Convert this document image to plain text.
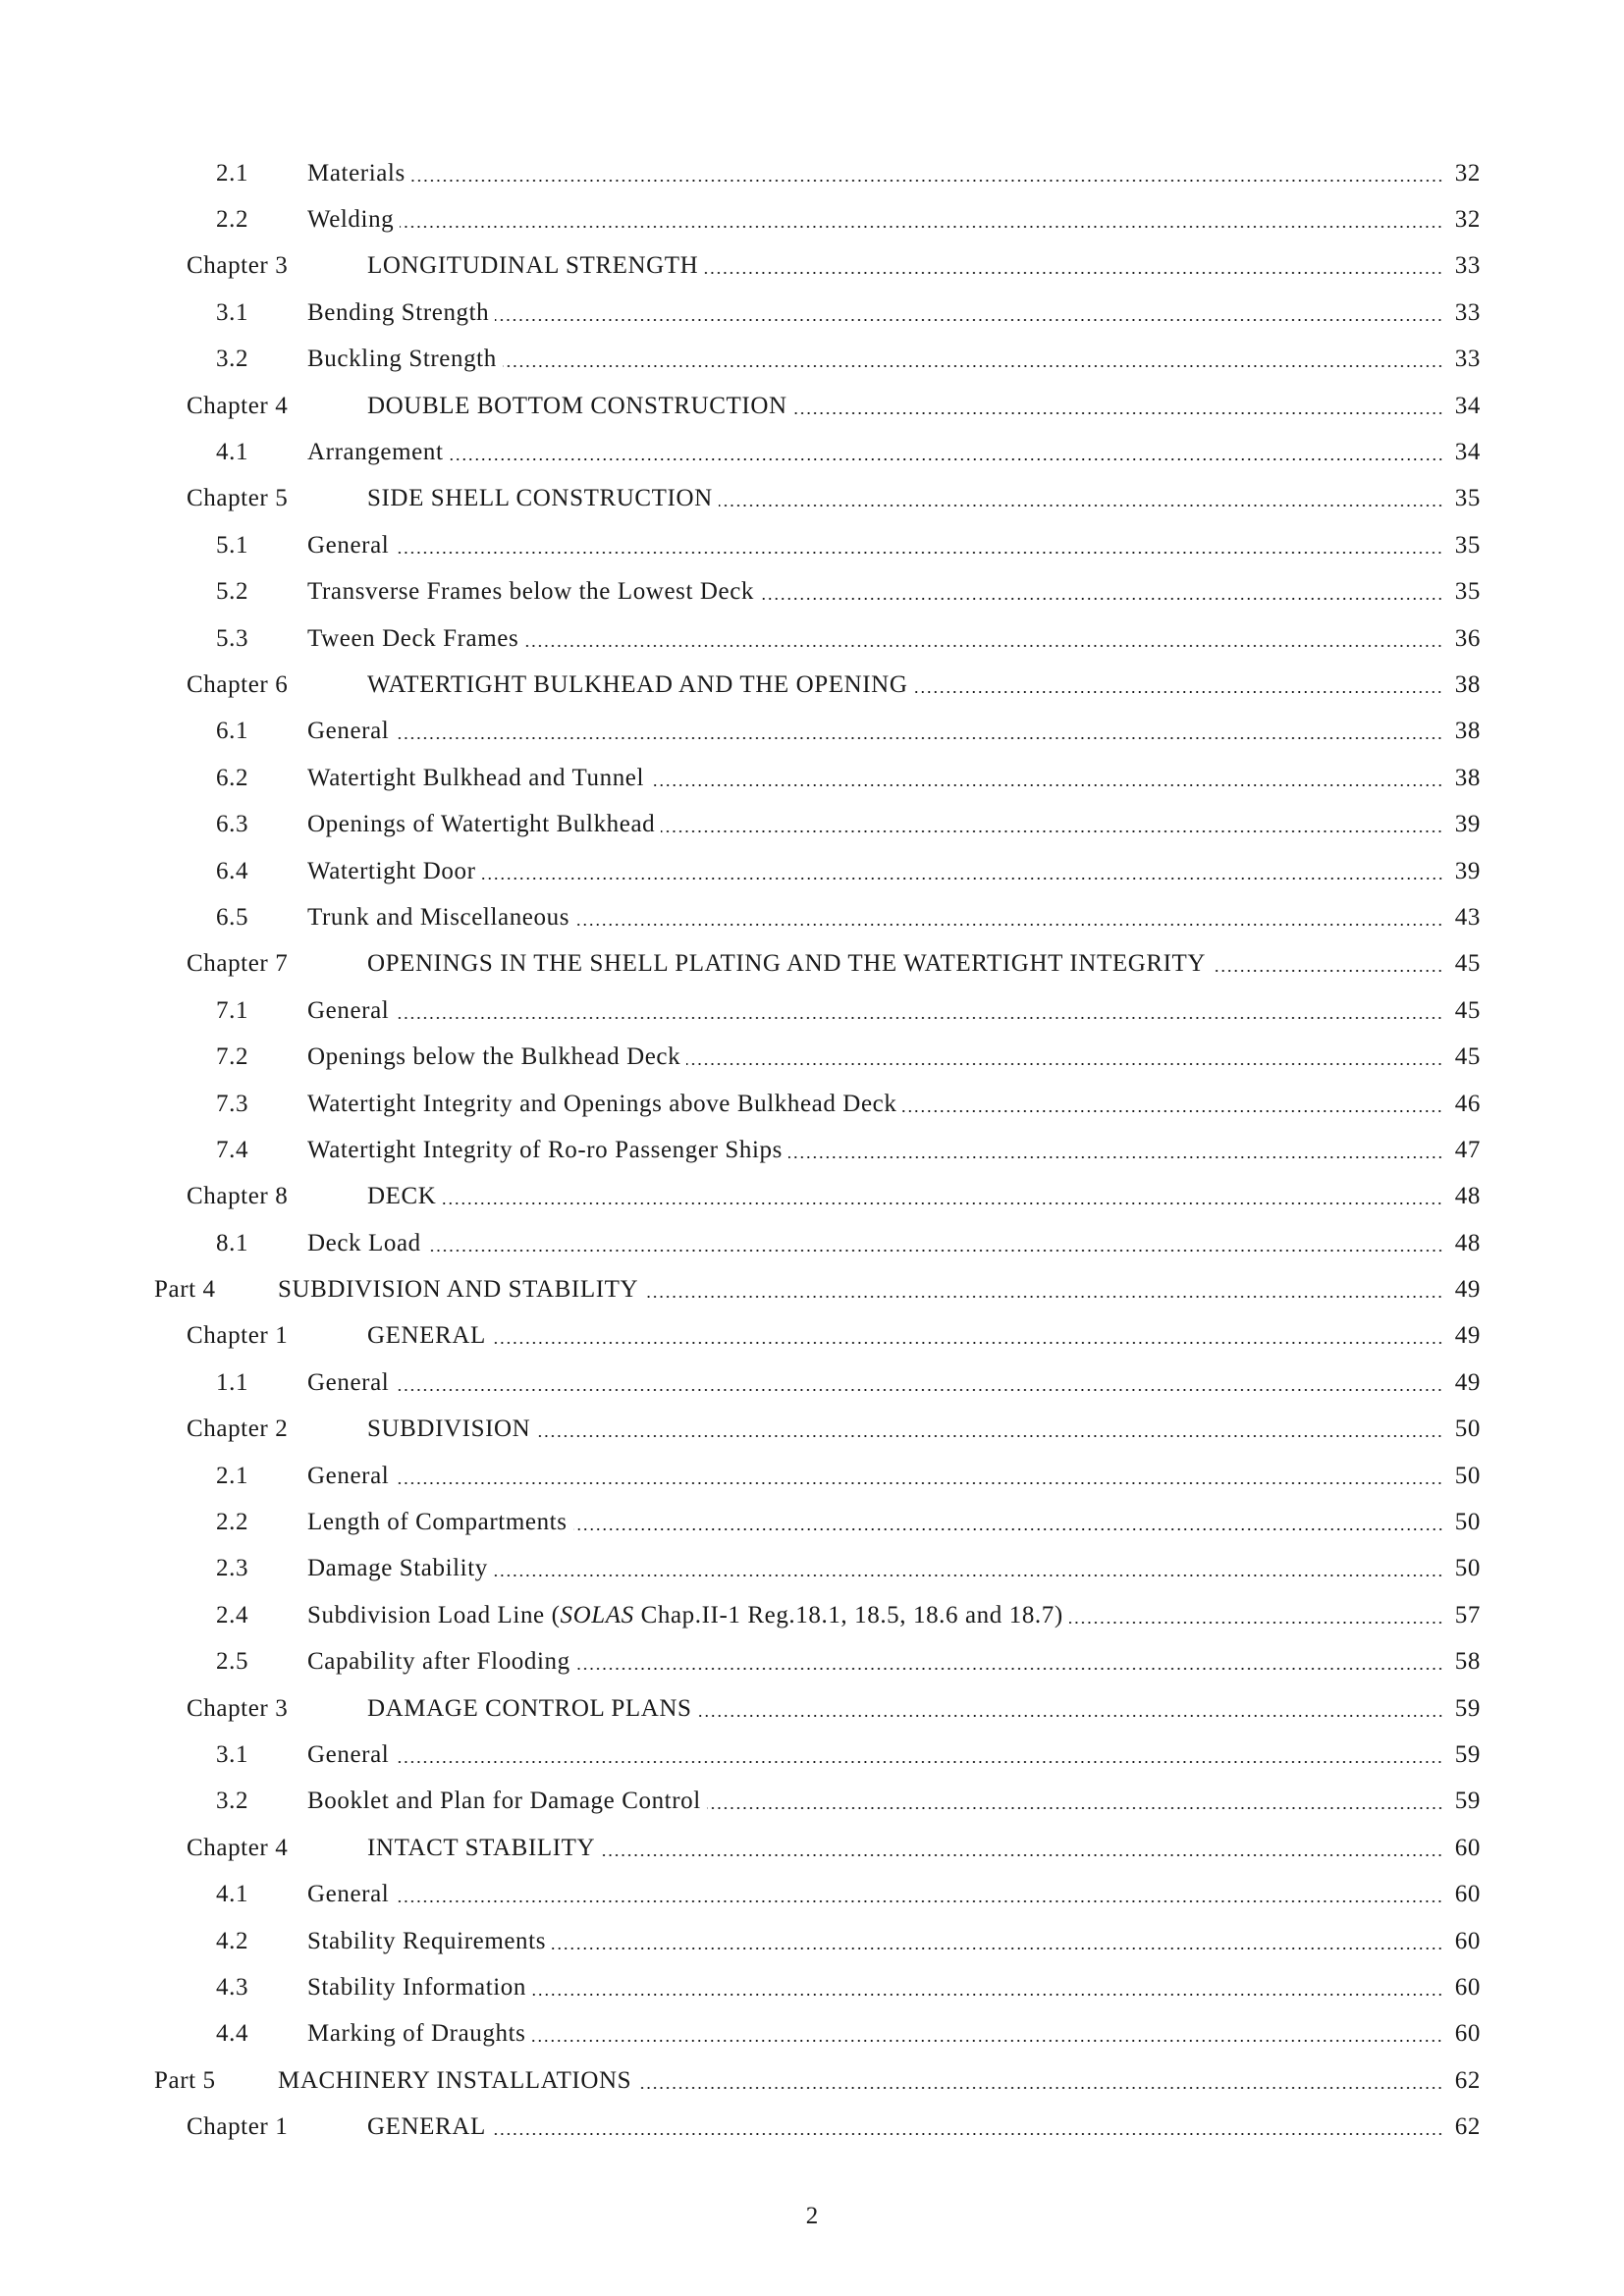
2.1	Materials	32
2.2	Welding	32
Chapter 3	LONGITUDINAL STRENGTH	33
3.1	Bending Strength	33
3.2	Buckling Strength	33
Chapter 4	DOUBLE BOTTOM CONSTRUCTION	34
4.1	Arrangement	34
Chapter 5	SIDE SHELL CONSTRUCTION	35
5.1	General	35
5.2	Transverse Frames below the Lowest Deck	35
5.3	Tween Deck Frames	36
Chapter 6	WATERTIGHT BULKHEAD AND THE OPENING	38
6.1	General	38
6.2	Watertight Bulkhead and Tunnel	38
6.3	Openings of Watertight Bulkhead	39
6.4	Watertight Door	39
6.5	Trunk and Miscellaneous	43
Chapter 7	OPENINGS IN THE SHELL PLATING AND THE WATERTIGHT INTEGRITY	45
7.1	General	45
7.2	Openings below the Bulkhead Deck	45
7.3	Watertight Integrity and Openings above Bulkhead Deck	46
7.4	Watertight Integrity of Ro-ro Passenger Ships	47
Chapter 8	DECK	48
8.1	Deck Load	48
Part 4	SUBDIVISION AND STABILITY	49
Chapter 1	GENERAL	49
1.1	General	49
Chapter 2	SUBDIVISION	50
2.1	General	50
2.2	Length of Compartments	50
2.3	Damage Stability	50
2.4	Subdivision Load Line (SOLAS Chap.II-1 Reg.18.1, 18.5, 18.6 and 18.7)	57
2.5	Capability after Flooding	58
Chapter 3	DAMAGE CONTROL PLANS	59
3.1	General	59
3.2	Booklet and Plan for Damage Control	59
Chapter 4	INTACT STABILITY	60
4.1	General	60
4.2	Stability Requirements	60
4.3	Stability Information	60
4.4	Marking of Draughts	60
Part 5	MACHINERY INSTALLATIONS	62
Chapter 1	GENERAL	62
2
